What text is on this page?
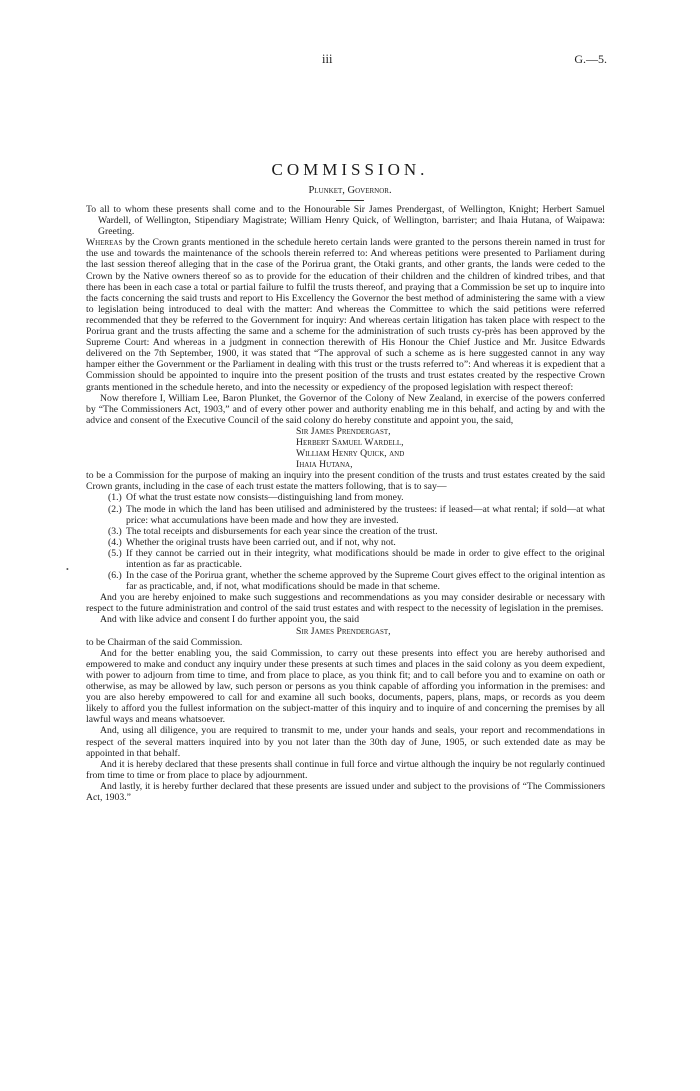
iii	G.—5.
COMMISSION.
Plunket, Governor.
•

To all to whom these presents shall come and to the Honourable Sir James Prendergast, of Wellington, Knight; Herbert Samuel Wardell, of Wellington, Stipendiary Magistrate; William Henry Quick, of Wellington, barrister; and Ihaia Hutana, of Waipawa: Greeting.

Whereas by the Crown grants mentioned in the schedule hereto certain lands were granted to the persons therein named in trust for the use and towards the maintenance of the schools therein referred to: And whereas petitions were presented to Parliament during the last session thereof alleging that in the case of the Porirua grant, the Otaki grants, and other grants, the lands were ceded to the Crown by the Native owners thereof so as to provide for the education of their children and the children of kindred tribes, and that there has been in each case a total or partial failure to fulfil the trusts thereof, and praying that a Commission be set up to inquire into the facts concerning the said trusts and report to His Excellency the Governor the best method of administering the same with a view to legislation being introduced to deal with the matter: And whereas the Committee to which the said petitions were referred recommended that they be referred to the Government for inquiry: And whereas certain litigation has taken place with respect to the Porirua grant and the trusts affecting the same and a scheme for the administration of such trusts cy-près has been approved by the Supreme Court: And whereas in a judgment in connection therewith of His Honour the Chief Justice and Mr. Jusitce Edwards delivered on the 7th September, 1900, it was stated that “The approval of such a scheme as is here suggested cannot in any way hamper either the Government or the Parliament in dealing with this trust or the trusts referred to”: And whereas it is expedient that a Commission should be appointed to inquire into the present position of the trusts and trust estates created by the respective Crown grants mentioned in the schedule hereto, and into the necessity or expediency of the proposed legislation with respect thereof:

Now therefore I, William Lee, Baron Plunket, the Governor of the Colony of New Zealand, in exercise of the powers conferred by “The Commissioners Act, 1903,” and of every other power and authority enabling me in this behalf, and acting by and with the advice and consent of the Executive Council of the said colony do hereby constitute and appoint you, the said,

Sir James Prendergast,
Herbert Samuel Wardell,
William Henry Quick, and
Ihaia Hutana,

to be a Commission for the purpose of making an inquiry into the present condition of the trusts and trust estates created by the said Crown grants, including in the case of each trust estate the matters following, that is to say—

(1.) Of what the trust estate now consists—distinguishing land from money.
(2.) The mode in which the land has been utilised and administered by the trustees: if leased—at what rental; if sold—at what price: what accumulations have been made and how they are invested.
(3.) The total receipts and disbursements for each year since the creation of the trust.
(4.) Whether the original trusts have been carried out, and if not, why not.
(5.) If they cannot be carried out in their integrity, what modifications should be made in order to give effect to the original intention as far as practicable.
(6.) In the case of the Porirua grant, whether the scheme approved by the Supreme Court gives effect to the original intention as far as practicable, and, if not, what modifications should be made in that scheme.

And you are hereby enjoined to make such suggestions and recommendations as you may consider desirable or necessary with respect to the future administration and control of the said trust estates and with respect to the necessity of legislation in the premises.

And with like advice and consent I do further appoint you, the said

Sir James Prendergast,

to be Chairman of the said Commission.

And for the better enabling you, the said Commission, to carry out these presents into effect you are hereby authorised and empowered to make and conduct any inquiry under these presents at such times and places in the said colony as you deem expedient, with power to adjourn from time to time, and from place to place, as you think fit; and to call before you and to examine on oath or otherwise, as may be allowed by law, such person or persons as you think capable of affording you information in the premises: and you are also hereby empowered to call for and examine all such books, documents, papers, plans, maps, or records as you deem likely to afford you the fullest information on the subject-matter of this inquiry and to inquire of and concerning the premises by all lawful ways and means whatsoever.

And, using all diligence, you are required to transmit to me, under your hands and seals, your report and recommendations in respect of the several matters inquired into by you not later than the 30th day of June, 1905, or such extended date as may be appointed in that behalf.

And it is hereby declared that these presents shall continue in full force and virtue although the inquiry be not regularly continued from time to time or from place to place by adjournment.

And lastly, it is hereby further declared that these presents are issued under and subject to the provisions of “The Commissioners Act, 1903.”
